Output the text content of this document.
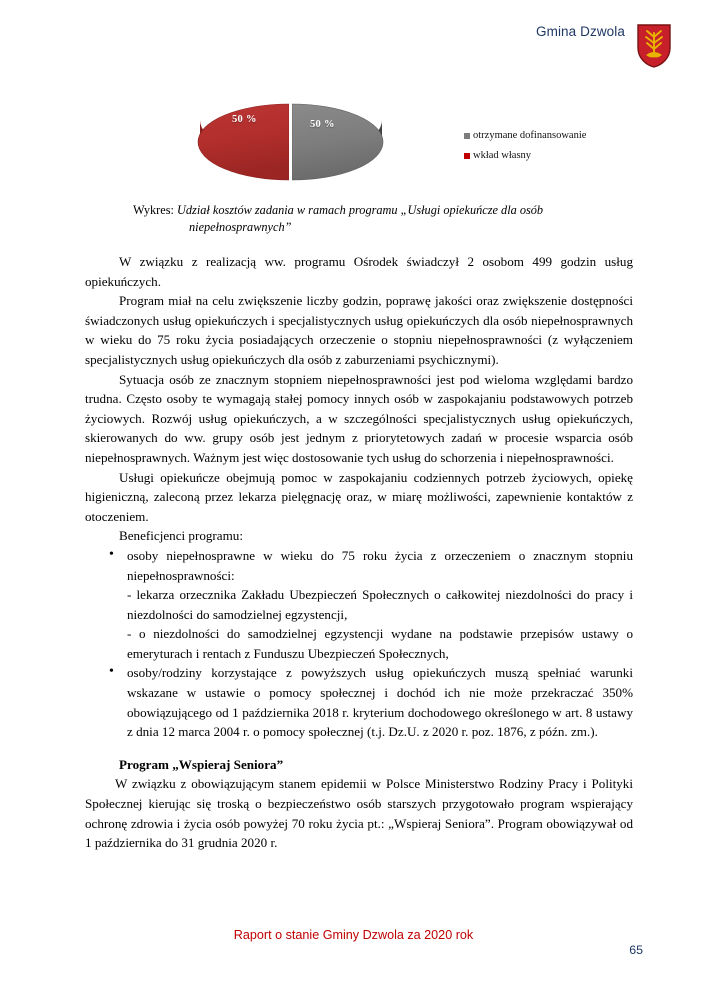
Gmina Dzwola
50 %	50 %
otrzymane dofinansowanie
wkład własny
Wykres: Udział kosztów zadania w ramach programu „Usługi opiekuńcze dla osób
niepełnosprawnych”

W związku z realizacją ww. programu Ośrodek świadczył 2 osobom 499 godzin usług opiekuńczych.

Program miał na celu zwiększenie liczby godzin, poprawę jakości oraz zwiększenie dostępności świadczonych usług opiekuńczych i specjalistycznych usług opiekuńczych dla osób niepełnosprawnych w wieku do 75 roku życia posiadających orzeczenie o stopniu niepełnosprawności (z wyłączeniem specjalistycznych usług opiekuńczych dla osób z zaburzeniami psychicznymi).

Sytuacja osób ze znacznym stopniem niepełnosprawności jest pod wieloma względami bardzo trudna. Często osoby te wymagają stałej pomocy innych osób w zaspokajaniu podstawowych potrzeb życiowych. Rozwój usług opiekuńczych, a w szczególności specjalistycznych usług opiekuńczych, skierowanych do ww. grupy osób jest jednym z priorytetowych zadań w procesie wsparcia osób niepełnosprawnych. Ważnym jest więc dostosowanie tych usług do schorzenia i niepełnosprawności.

Usługi opiekuńcze obejmują pomoc w zaspokajaniu codziennych potrzeb życiowych, opiekę higieniczną, zaleconą przez lekarza pielęgnację oraz, w miarę możliwości, zapewnienie kontaktów z otoczeniem.

Beneficjenci programu:

• osoby niepełnosprawne w wieku do 75 roku życia z orzeczeniem o znacznym stopniu niepełnosprawności:
- lekarza orzecznika Zakładu Ubezpieczeń Społecznych o całkowitej niezdolności do pracy i niezdolności do samodzielnej egzystencji,
- o niezdolności do samodzielnej egzystencji wydane na podstawie przepisów ustawy o emeryturach i rentach z Funduszu Ubezpieczeń Społecznych,
• osoby/rodziny korzystające z powyższych usług opiekuńczych muszą spełniać warunki wskazane w ustawie o pomocy społecznej i dochód ich nie może przekraczać 350% obowiązującego od 1 października 2018 r. kryterium dochodowego określonego w art. 8 ustawy z dnia 12 marca 2004 r. o pomocy społecznej (t.j. Dz.U. z 2020 r. poz. 1876, z późn. zm.).
Program „Wspieraj Seniora”

W związku z obowiązującym stanem epidemii w Polsce Ministerstwo Rodziny Pracy i Polityki Społecznej kierując się troską o bezpieczeństwo osób starszych przygotowało program wspierający ochronę zdrowia i życia osób powyżej 70 roku życia pt.: „Wspieraj Seniora”. Program obowiązywał od 1 października do 31 grudnia 2020 r.

Raport o stanie Gminy Dzwola za 2020 rok
65
